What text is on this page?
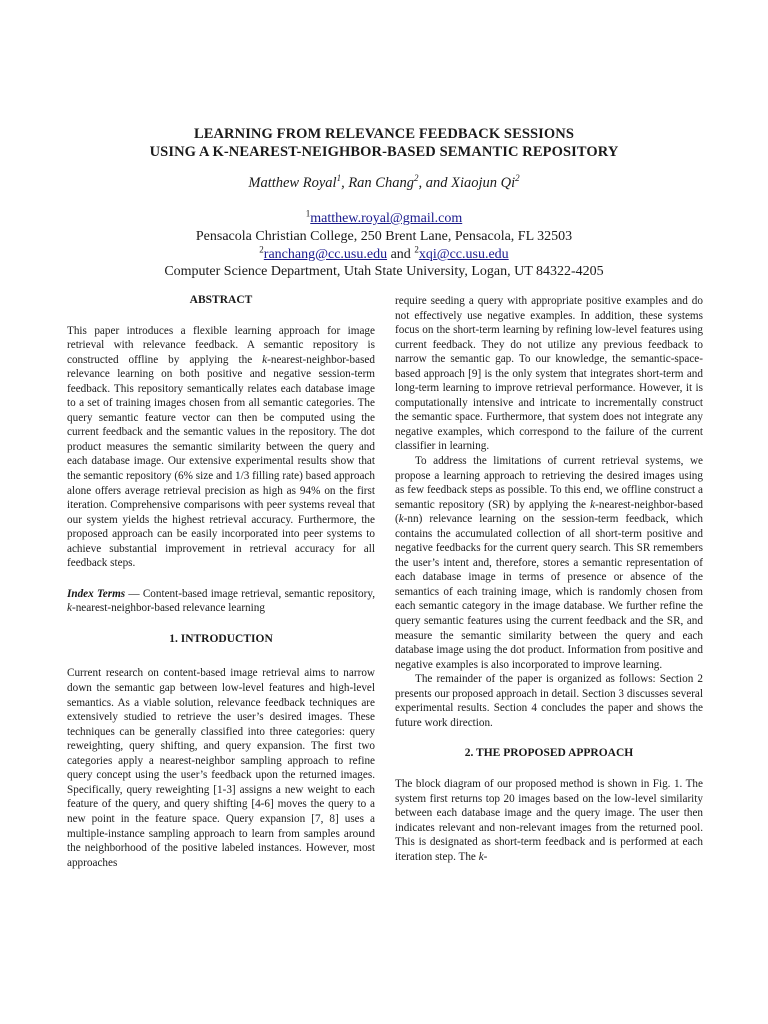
LEARNING FROM RELEVANCE FEEDBACK SESSIONS
USING A K-NEAREST-NEIGHBOR-BASED SEMANTIC REPOSITORY
Matthew Royal$^1$, Ran Chang$^2$, and Xiaojun Qi$^2$
$^1$matthew.royal@gmail.com
Pensacola Christian College, 250 Brent Lane, Pensacola, FL 32503
$^2$ranchang@cc.usu.edu and $^2$xqi@cc.usu.edu
Computer Science Department, Utah State University, Logan, UT 84322-4205

ABSTRACT

This paper introduces a flexible learning approach for image retrieval with relevance feedback. A semantic repository is constructed offline by applying the k-nearest-neighbor-based relevance learning on both positive and negative session-term feedback. This repository semantically relates each database image to a set of training images chosen from all semantic categories. The query semantic feature vector can then be computed using the current feedback and the semantic values in the repository. The dot product measures the semantic similarity between the query and each database image. Our extensive experimental results show that the semantic repository (6% size and 1/3 filling rate) based approach alone offers average retrieval precision as high as 94% on the first iteration. Comprehensive comparisons with peer systems reveal that our system yields the highest retrieval accuracy. Furthermore, the proposed approach can be easily incorporated into peer systems to achieve substantial improvement in retrieval accuracy for all feedback steps.

Index Terms — Content-based image retrieval, semantic repository, k-nearest-neighbor-based relevance learning

1. INTRODUCTION

Current research on content-based image retrieval aims to narrow down the semantic gap between low-level features and high-level semantics. As a viable solution, relevance feedback techniques are extensively studied to retrieve the user’s desired images. These techniques can be generally classified into three categories: query reweighting, query shifting, and query expansion. The first two categories apply a nearest-neighbor sampling approach to refine query concept using the user’s feedback upon the returned images. Specifically, query reweighting [1-3] assigns a new weight to each feature of the query, and query shifting [4-6] moves the query to a new point in the feature space. Query expansion [7, 8] uses a multiple-instance sampling approach to learn from samples around the neighborhood of the positive labeled instances. However, most approaches

require seeding a query with appropriate positive examples and do not effectively use negative examples. In addition, these systems focus on the short-term learning by refining low-level features using current feedback. They do not utilize any previous feedback to narrow the semantic gap. To our knowledge, the semantic-space-based approach [9] is the only system that integrates short-term and long-term learning to improve retrieval performance. However, it is computationally intensive and intricate to incrementally construct the semantic space. Furthermore, that system does not integrate any negative examples, which correspond to the failure of the current classifier in learning.

To address the limitations of current retrieval systems, we propose a learning approach to retrieving the desired images using as few feedback steps as possible. To this end, we offline construct a semantic repository (SR) by applying the k-nearest-neighbor-based (k-nn) relevance learning on the session-term feedback, which contains the accumulated collection of all short-term positive and negative feedbacks for the current query search. This SR remembers the user’s intent and, therefore, stores a semantic representation of each database image in terms of presence or absence of the semantics of each training image, which is randomly chosen from each semantic category in the image database. We further refine the query semantic features using the current feedback and the SR, and measure the semantic similarity between the query and each database image using the dot product. Information from positive and negative examples is also incorporated to improve learning.

The remainder of the paper is organized as follows: Section 2 presents our proposed approach in detail. Section 3 discusses several experimental results. Section 4 concludes the paper and shows the future work direction.

2. THE PROPOSED APPROACH

The block diagram of our proposed method is shown in Fig. 1. The system first returns top 20 images based on the low-level similarity between each database image and the query image. The user then indicates relevant and non-relevant images from the returned pool. This is designated as short-term feedback and is performed at each iteration step. The k-
